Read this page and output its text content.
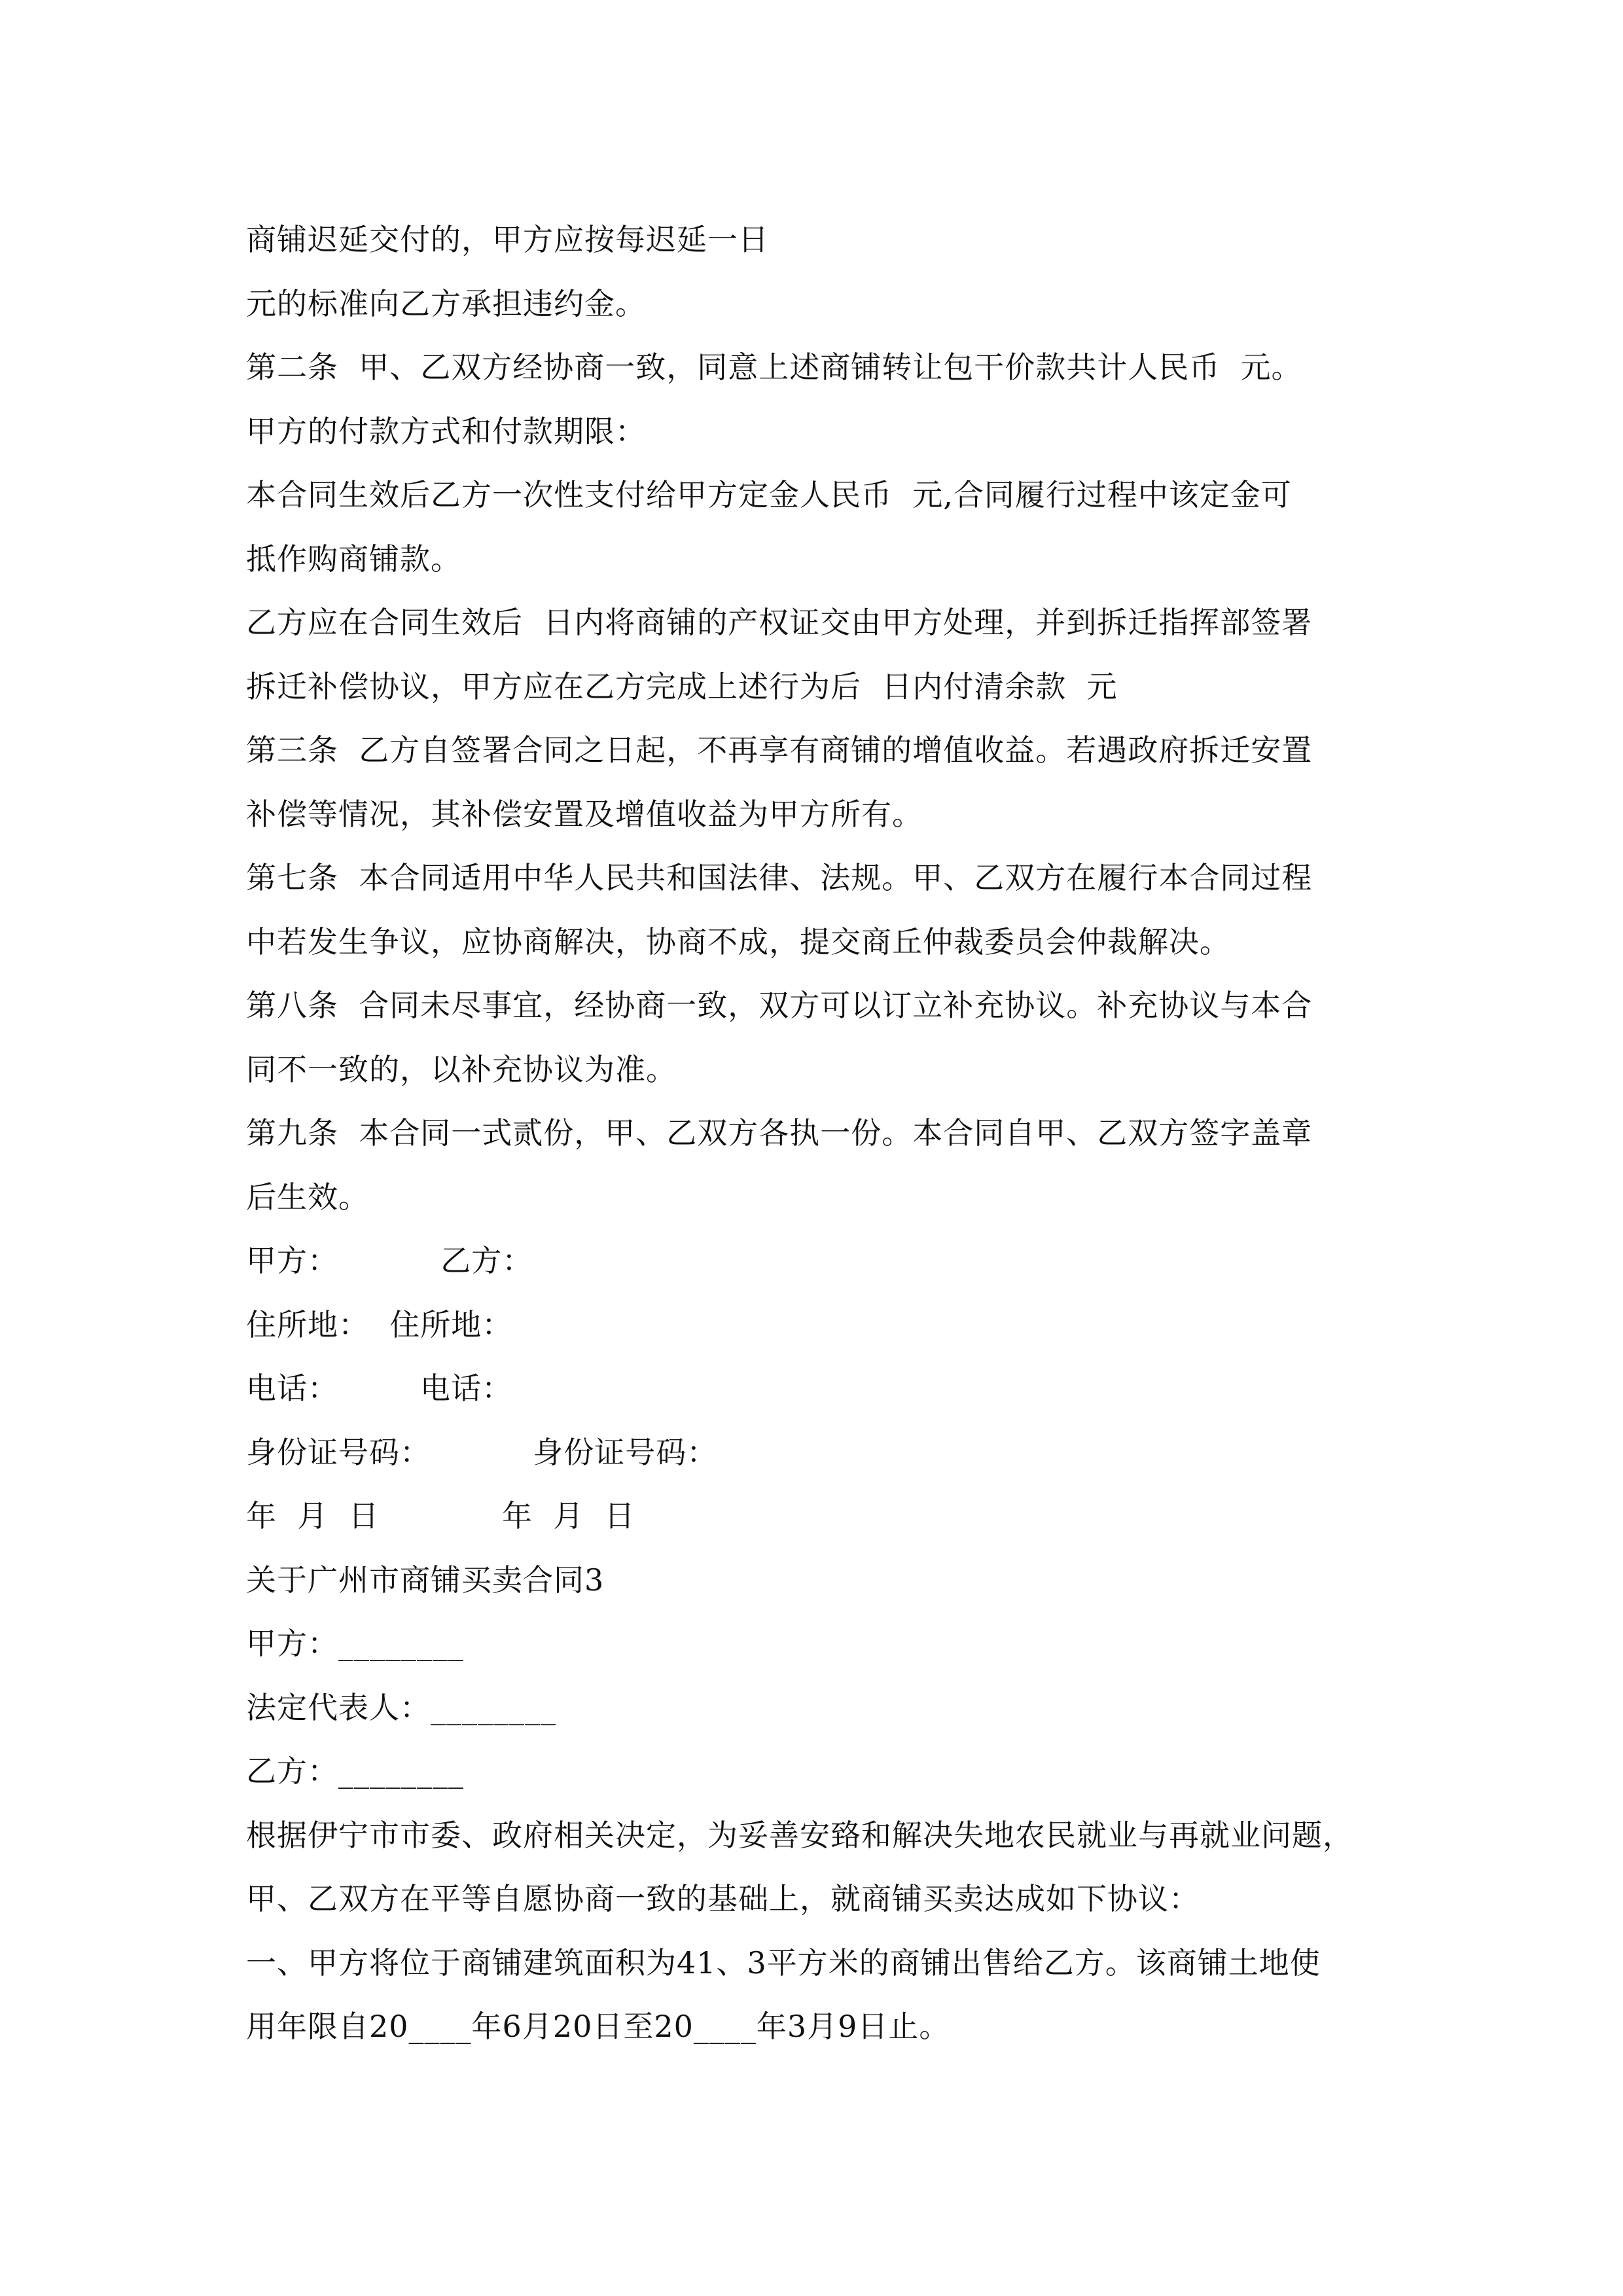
商铺迟延交付的，甲方应按每迟延一日
元的标准向乙方承担违约金。
第二条  甲、乙双方经协商一致，同意上述商铺转让包干价款共计人民币  元。
甲方的付款方式和付款期限：
本合同生效后乙方一次性支付给甲方定金人民币  元,合同履行过程中该定金可
抵作购商铺款。
乙方应在合同生效后  日内将商铺的产权证交由甲方处理，并到拆迁指挥部签署
拆迁补偿协议，甲方应在乙方完成上述行为后  日内付清余款  元
第三条  乙方自签署合同之日起，不再享有商铺的增值收益。若遇政府拆迁安置
补偿等情况，其补偿安置及增值收益为甲方所有。
第七条  本合同适用中华人民共和国法律、法规。甲、乙双方在履行本合同过程
中若发生争议，应协商解决，协商不成，提交商丘仲裁委员会仲裁解决。
第八条  合同未尽事宜，经协商一致，双方可以订立补充协议。补充协议与本合
同不一致的，以补充协议为准。
第九条  本合同一式贰份，甲、乙双方各执一份。本合同自甲、乙双方签字盖章
后生效。
甲方：          乙方：
住所地：  住所地：
电话：        电话：
身份证号码：          身份证号码：
年  月  日            年  月  日
关于广州市商铺买卖合同3
甲方：________
法定代表人：________
乙方：________
根据伊宁市市委、政府相关决定，为妥善安臵和解决失地农民就业与再就业问题，
甲、乙双方在平等自愿协商一致的基础上，就商铺买卖达成如下协议：
一、甲方将位于商铺建筑面积为41、3平方米的商铺出售给乙方。该商铺土地使
用年限自20____年6月20日至20____年3月9日止。
